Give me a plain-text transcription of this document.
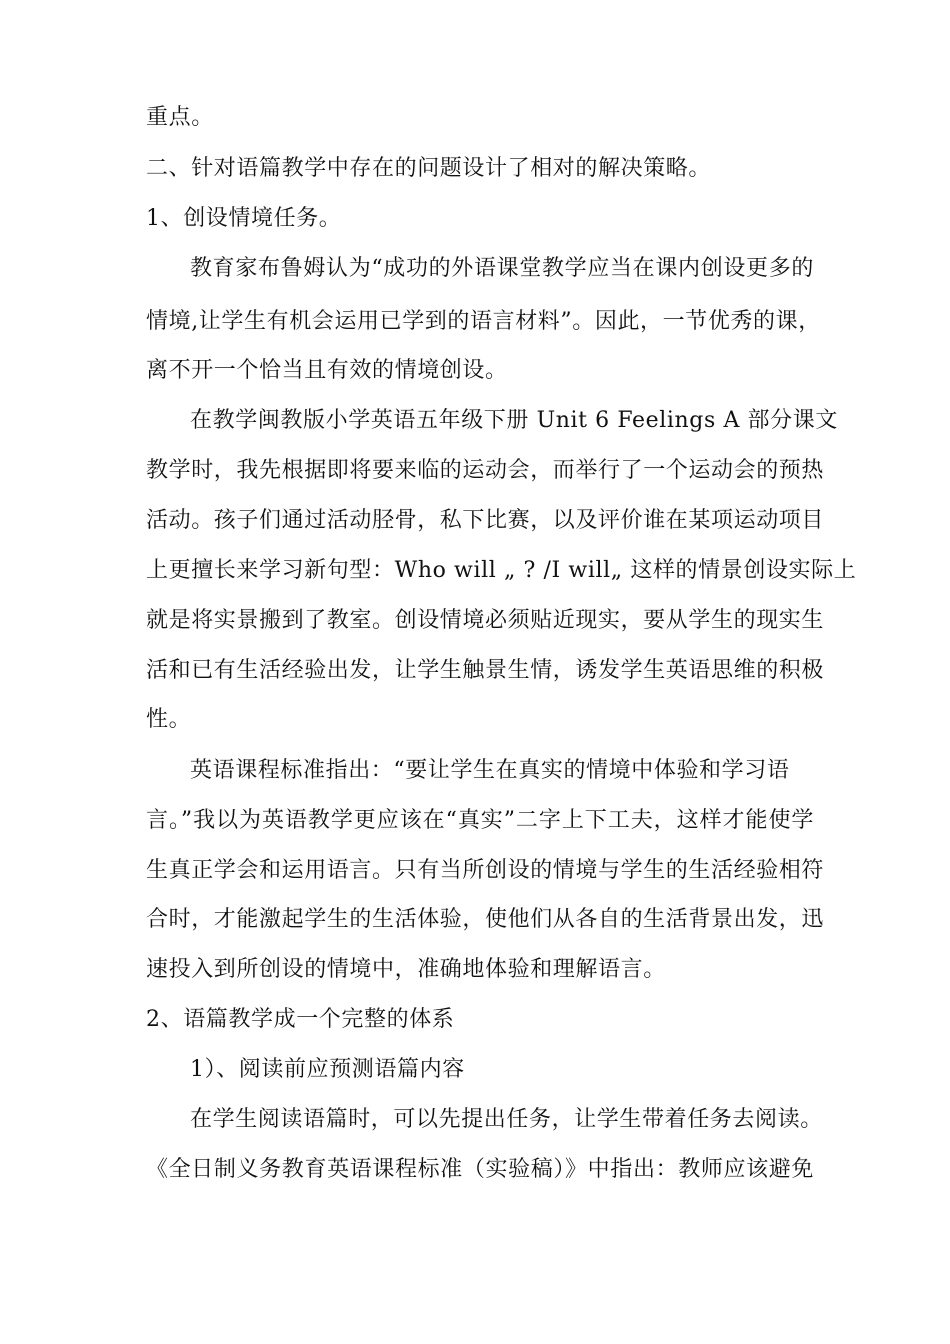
重点。
二、针对语篇教学中存在的问题设计了相对的解决策略。
1、创设情境任务。
教育家布鲁姆认为“成功的外语课堂教学应当在课内创设更多的
情境,让学生有机会运用已学到的语言材料”。因此，一节优秀的课，
离不开一个恰当且有效的情境创设。
在教学闽教版小学英语五年级下册 Unit 6 Feelings A 部分课文
教学时，我先根据即将要来临的运动会，而举行了一个运动会的预热
活动。孩子们通过活动胫骨，私下比赛，以及评价谁在某项运动项目
上更擅长来学习新句型：Who will „ ? /I will„ 这样的情景创设实际上
就是将实景搬到了教室。创设情境必须贴近现实，要从学生的现实生
活和已有生活经验出发，让学生触景生情，诱发学生英语思维的积极
性。
英语课程标准指出：“要让学生在真实的情境中体验和学习语
言。”我以为英语教学更应该在“真实”二字上下工夫，这样才能使学
生真正学会和运用语言。只有当所创设的情境与学生的生活经验相符
合时，才能激起学生的生活体验，使他们从各自的生活背景出发，迅
速投入到所创设的情境中，准确地体验和理解语言。
2、语篇教学成一个完整的体系
1）、阅读前应预测语篇内容
在学生阅读语篇时，可以先提出任务，让学生带着任务去阅读。
《全日制义务教育英语课程标准（实验稿）》中指出：教师应该避免
